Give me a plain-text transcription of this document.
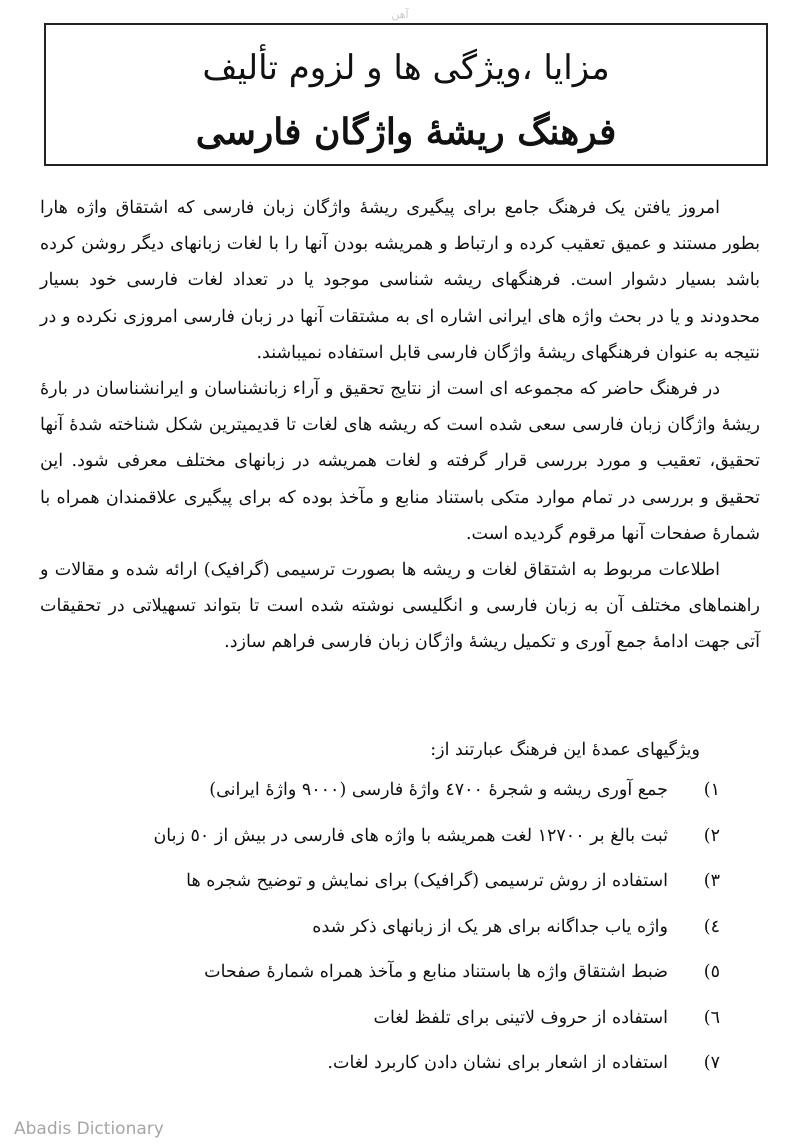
آهن
مزایا ،ویژگی ها و لزوم تألیف
فرهنگ ریشهٔ واژگان فارسی

امروز یافتن یک فرهنگ جامع برای پیگیری ریشهٔ واژگان زبان فارسی که اشتقاق واژه هارا بطور مستند و عمیق تعقیب کرده و ارتباط و همریشه بودن آنها را با لغات زبانهای دیگر روشن کرده باشد بسیار دشوار است. فرهنگهای ریشه شناسی موجود یا در تعداد لغات فارسی خود بسیار محدودند و یا در بحث واژه های ایرانی اشاره ای به مشتقات آنها در زبان فارسی امروزی نکرده و در نتیجه به عنوان فرهنگهای ریشهٔ واژگان فارسی قابل استفاده نمیباشند.

در فرهنگ حاضر که مجموعه ای است از نتایج تحقیق و آراء زبانشناسان و ایرانشناسان در بارهٔ ریشهٔ واژگان زبان فارسی سعی شده است که ریشه های لغات تا قدیمیترین شکل شناخته شدهٔ آنها تحقیق، تعقیب و مورد بررسی قرار گرفته و لغات همریشه در زبانهای مختلف معرفی شود. این تحقیق و بررسی در تمام موارد متکی باستناد منابع و مآخذ بوده که برای پیگیری علاقمندان همراه با شمارهٔ صفحات آنها مرقوم گردیده است.

اطلاعات مربوط به اشتقاق لغات و ریشه ها بصورت ترسیمی (گرافیک) ارائه شده و مقالات و راهنماهای مختلف آن به زبان فارسی و انگلیسی نوشته شده است تا بتواند تسهیلاتی در تحقیقات آتی جهت ادامهٔ جمع آوری و تکمیل ریشهٔ واژگان زبان فارسی فراهم سازد.

ویژگیهای عمدهٔ این فرهنگ عبارتند از:
۱)
جمع آوری ریشه و شجرهٔ ٤٧٠٠ واژهٔ فارسی (٩٠٠٠ واژهٔ ایرانی)
۲)
ثبت بالغ بر ١٢٧٠٠ لغت همریشه با واژه های فارسی در بیش از ٥٠ زبان
۳)
استفاده از روش ترسیمی (گرافیک) برای نمایش و توضیح شجره ها
٤)
واژه یاب جداگانه برای هر یک از زبانهای ذکر شده
٥)
ضبط اشتقاق واژه ها باستناد منابع و مآخذ همراه شمارهٔ صفحات
٦)
استفاده از حروف لاتینی برای تلفظ لغات
٧)
استفاده از اشعار برای نشان دادن کاربرد لغات.
Abadis Dictionary
